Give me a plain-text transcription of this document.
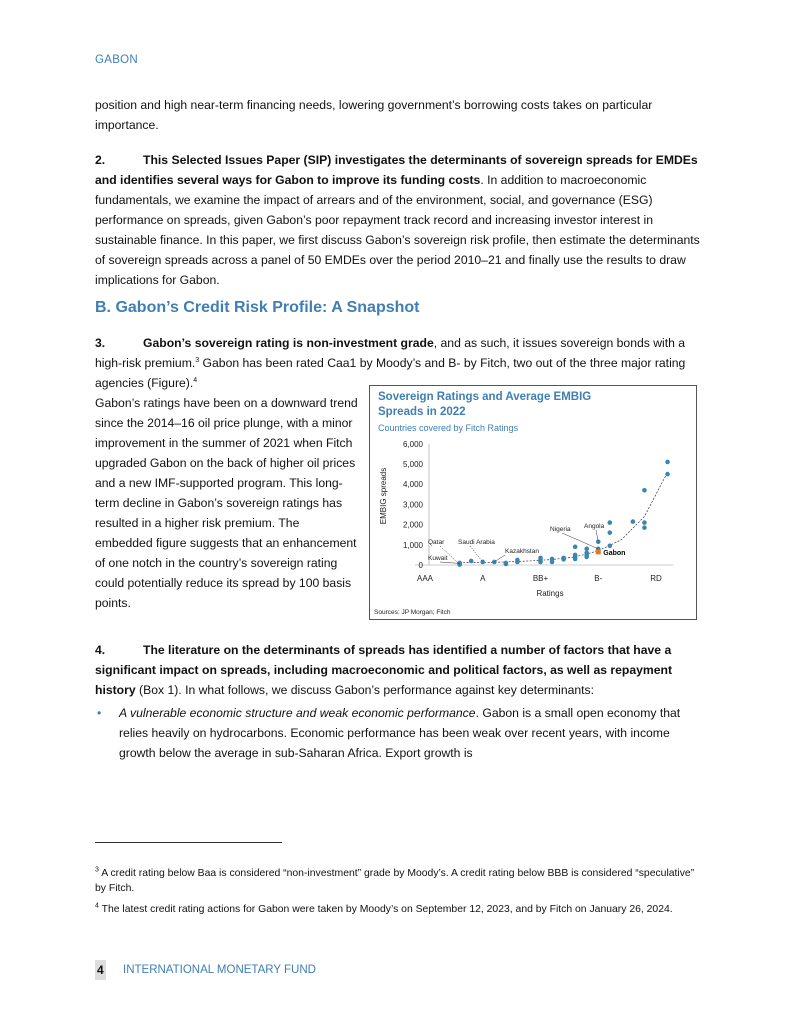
GABON
position and high near-term financing needs, lowering government’s borrowing costs takes on particular importance.
2.	This Selected Issues Paper (SIP) investigates the determinants of sovereign spreads for EMDEs and identifies several ways for Gabon to improve its funding costs. In addition to macroeconomic fundamentals, we examine the impact of arrears and of the environment, social, and governance (ESG) performance on spreads, given Gabon’s poor repayment track record and increasing investor interest in sustainable finance. In this paper, we first discuss Gabon’s sovereign risk profile, then estimate the determinants of sovereign spreads across a panel of 50 EMDEs over the period 2010–21 and finally use the results to draw implications for Gabon.
B. Gabon’s Credit Risk Profile: A Snapshot
Countries covered by Fitch Ratings
EMBIG spreads
Ratings
Sources: JP Morgan; Fitch
0
1,000
2,000
3,000
4,000
5,000
6,000
AAA	A	BB+	B-	RD
Gabon
Qatar
Kuwait
Saudi Arabia
Kazakhstan
Nigeria Angola
Sovereign Ratings and Average EMBIG Spreads in 2022
3.	Gabon’s sovereign rating is non-investment grade, and as such, it issues sovereign bonds with a high-risk premium.$^3$ Gabon has been rated Caa1 by Moody’s and B- by Fitch, two out of the three major rating agencies (Figure).$^4$
Gabon’s ratings have been on a downward trend since the 2014–16 oil price plunge, with a minor improvement in the summer of 2021 when Fitch upgraded Gabon on the back of higher oil prices and a new IMF-supported program. This long-term decline in Gabon’s sovereign ratings has resulted in a higher risk premium. The embedded figure suggests that an enhancement of one notch in the country’s sovereign rating could potentially reduce its spread by 100 basis points.
4.	The literature on the determinants of spreads has identified a number of factors that have a significant impact on spreads, including macroeconomic and political factors, as well as repayment history (Box 1). In what follows, we discuss Gabon’s performance against key determinants:
• A vulnerable economic structure and weak economic performance. Gabon is a small open economy that relies heavily on hydrocarbons. Economic performance has been weak over recent years, with income growth below the average in sub-Saharan Africa. Export growth is
$^3$ A credit rating below Baa is considered “non-investment” grade by Moody’s. A credit rating below BBB is considered “speculative” by Fitch.
$^4$ The latest credit rating actions for Gabon were taken by Moody’s on September 12, 2023, and by Fitch on January 26, 2024.
4 INTERNATIONAL MONETARY FUND
